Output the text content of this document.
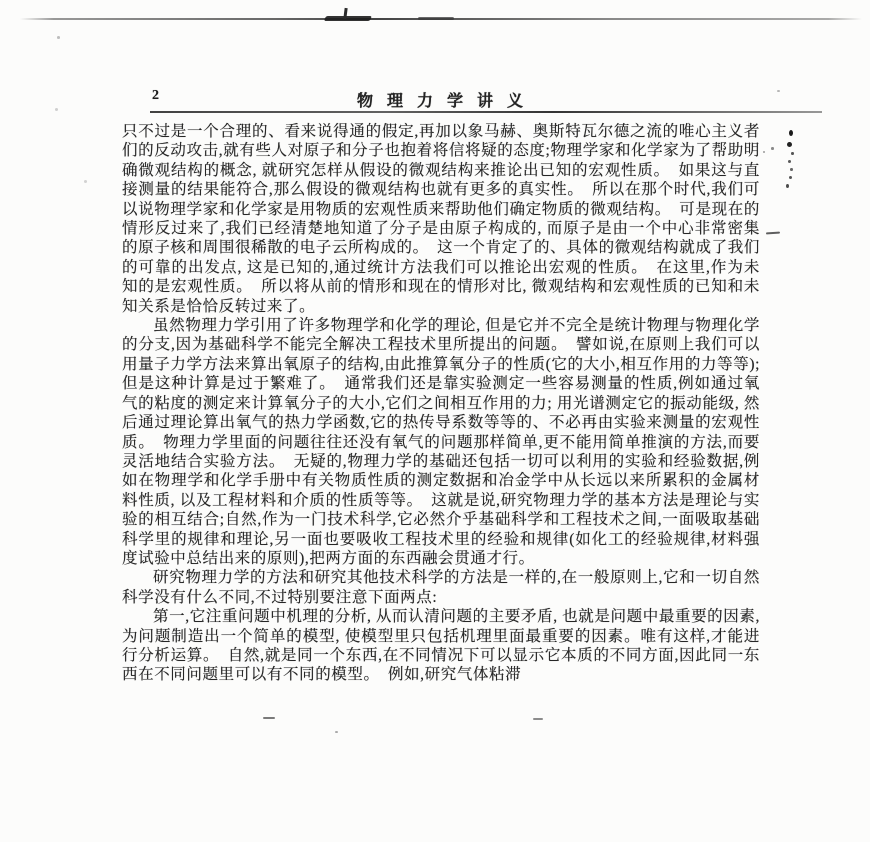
2	物理力学讲义

只不过是一个合理的、看来说得通的假定,再加以象马赫、奥斯特瓦尔德之流的唯心主义者们的反动攻击,就有些人对原子和分子也抱着将信将疑的态度;物理学家和化学家为了帮助明确微观结构的概念, 就研究怎样从假设的微观结构来推论出已知的宏观性质。　如果这与直接测量的结果能符合,那么假设的微观结构也就有更多的真实性。　所以在那个时代,我们可以说物理学家和化学家是用物质的宏观性质来帮助他们确定物质的微观结构。　可是现在的情形反过来了,我们已经清楚地知道了分子是由原子构成的, 而原子是由一个中心非常密集的原子核和周围很稀散的电子云所构成的。　这一个肯定了的、具体的微观结构就成了我们的可靠的出发点, 这是已知的,通过统计方法我们可以推论出宏观的性质。　在这里,作为未知的是宏观性质。　所以将从前的情形和现在的情形对比, 微观结构和宏观性质的已知和未知关系是恰恰反转过来了。

虽然物理力学引用了许多物理学和化学的理论, 但是它并不完全是统计物理与物理化学的分支,因为基础科学不能完全解决工程技术里所提出的问题。　譬如说,在原则上我们可以用量子力学方法来算出氧原子的结构,由此推算氧分子的性质(它的大小,相互作用的力等等);但是这种计算是过于繁难了。　通常我们还是靠实验测定一些容易测量的性质,例如通过氧气的粘度的测定来计算氧分子的大小,它们之间相互作用的力; 用光谱测定它的振动能级, 然后通过理论算出氧气的热力学函数,它的热传导系数等等的、不必再由实验来测量的宏观性质。　物理力学里面的问题往往还没有氧气的问题那样简单,更不能用简单推演的方法,而要灵活地结合实验方法。　无疑的,物理力学的基础还包括一切可以利用的实验和经验数据,例如在物理学和化学手册中有关物质性质的测定数据和冶金学中从长远以来所累积的金属材料性质, 以及工程材料和介质的性质等等。　这就是说,研究物理力学的基本方法是理论与实验的相互结合;自然,作为一门技术科学,它必然介乎基础科学和工程技术之间,一面吸取基础科学里的规律和理论,另一面也要吸收工程技术里的经验和规律(如化工的经验规律,材料强度试验中总结出来的原则),把两方面的东西融会贯通才行。

研究物理力学的方法和研究其他技术科学的方法是一样的,在一般原则上,它和一切自然科学没有什么不同,不过特别要注意下面两点:

第一,它注重问题中机理的分析, 从而认清问题的主要矛盾, 也就是问题中最重要的因素, 为问题制造出一个简单的模型, 使模型里只包括机理里面最重要的因素。唯有这样,才能进行分析运算。　自然,就是同一个东西,在不同情况下可以显示它本质的不同方面,因此同一东西在不同问题里可以有不同的模型。　例如,研究气体粘滞
